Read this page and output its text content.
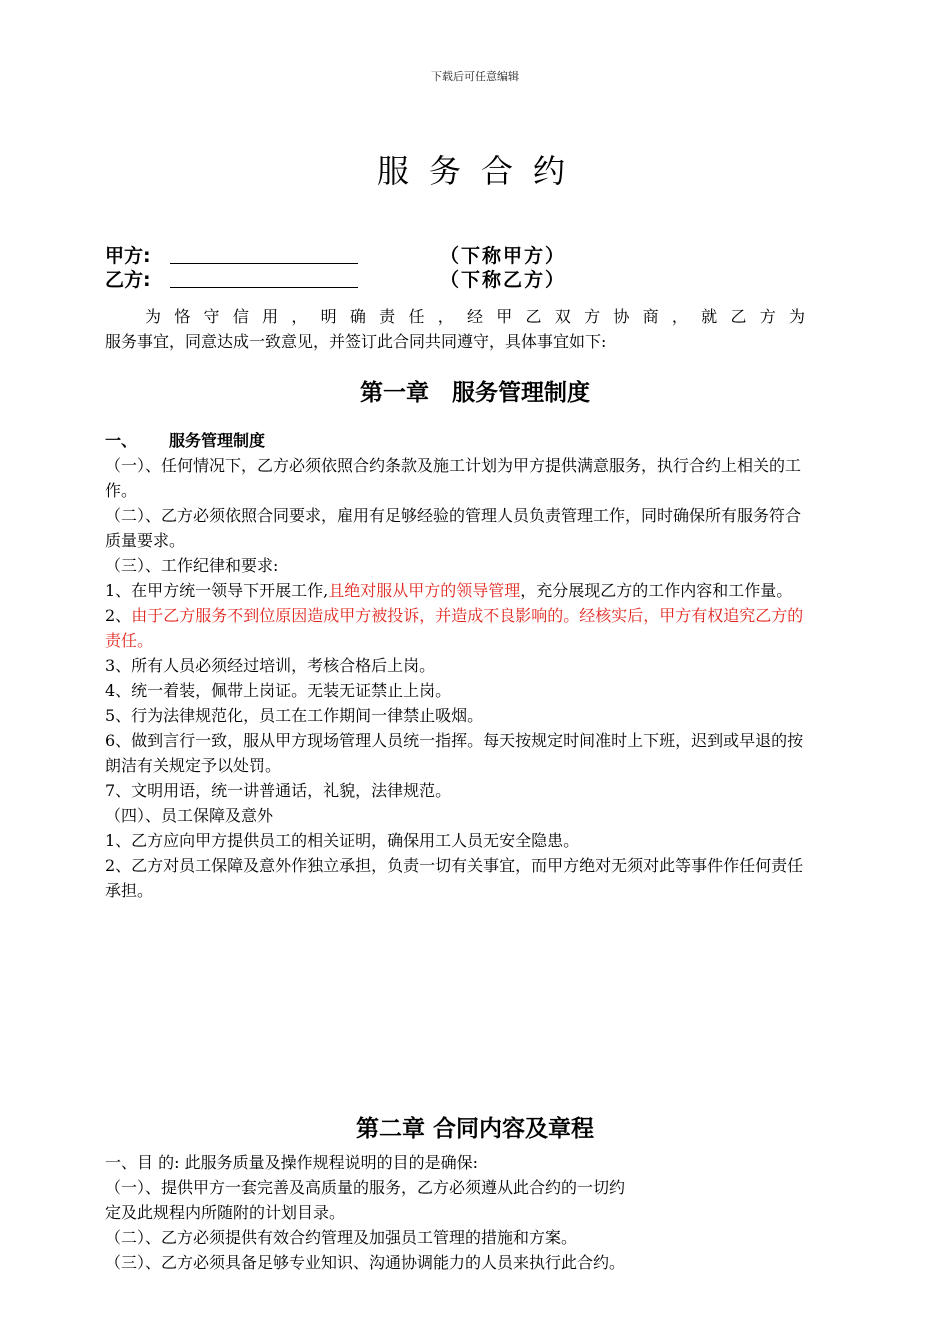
下载后可任意编辑
服务合约
甲方:	（下称甲方）
乙方:	（下称乙方）
为恪守信用，明确责任，经甲乙双方协商，就乙方为
服务事宜，同意达成一致意见，并签订此合同共同遵守，具体事宜如下:
第一章　服务管理制度
一、 服务管理制度
（一）、任何情况下，乙方必须依照合约条款及施工计划为甲方提供满意服务，执行合约上相关的工作。
（二）、乙方必须依照合同要求，雇用有足够经验的管理人员负责管理工作，同时确保所有服务符合质量要求。
（三）、工作纪律和要求:
1、在甲方统一领导下开展工作,且绝对服从甲方的领导管理，充分展现乙方的工作内容和工作量。
2、由于乙方服务不到位原因造成甲方被投诉，并造成不良影响的。经核实后，甲方有权追究乙方的责任。
3、所有人员必须经过培训，考核合格后上岗。
4、统一着装，佩带上岗证。无装无证禁止上岗。
5、行为法律规范化，员工在工作期间一律禁止吸烟。
6、做到言行一致，服从甲方现场管理人员统一指挥。每天按规定时间准时上下班，迟到或早退的按朗洁有关规定予以处罚。
7、文明用语，统一讲普通话，礼貌，法律规范。
（四）、员工保障及意外
1、乙方应向甲方提供员工的相关证明，确保用工人员无安全隐患。
2、乙方对员工保障及意外作独立承担，负责一切有关事宜，而甲方绝对无须对此等事件作任何责任承担。
第二章 合同内容及章程
一、目 的: 此服务质量及操作规程说明的目的是确保:
（一）、提供甲方一套完善及高质量的服务，乙方必须遵从此合约的一切约
定及此规程内所随附的计划目录。
（二）、乙方必须提供有效合约管理及加强员工管理的措施和方案。
（三）、乙方必须具备足够专业知识、沟通协调能力的人员来执行此合约。
